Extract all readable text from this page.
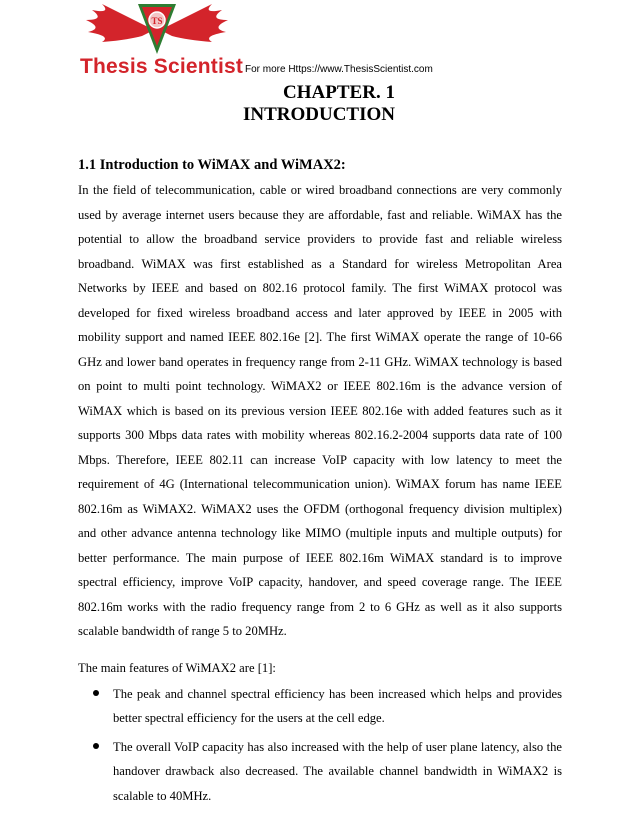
TS
Thesis Scientist For more Https://www.ThesisScientist.com
CHAPTER. 1
INTRODUCTION
1.1 Introduction to WiMAX and WiMAX2:

In the field of telecommunication, cable or wired broadband connections are very commonly used by average internet users because they are affordable, fast and reliable. WiMAX has the potential to allow the broadband service providers to provide fast and reliable wireless broadband. WiMAX was first established as a Standard for wireless Metropolitan Area Networks by IEEE and based on 802.16 protocol family. The first WiMAX protocol was developed for fixed wireless broadband access and later approved by IEEE in 2005 with mobility support and named IEEE 802.16e [2]. The first WiMAX operate the range of 10-66 GHz and lower band operates in frequency range from 2-11 GHz. WiMAX technology is based on point to multi point technology. WiMAX2 or IEEE 802.16m is the advance version of WiMAX which is based on its previous version IEEE 802.16e with added features such as it supports 300 Mbps data rates with mobility whereas 802.16.2-2004 supports data rate of 100 Mbps. Therefore, IEEE 802.11 can increase VoIP capacity with low latency to meet the requirement of 4G (International telecommunication union). WiMAX forum has name IEEE 802.16m as WiMAX2. WiMAX2 uses the OFDM (orthogonal frequency division multiplex) and other advance antenna technology like MIMO (multiple inputs and multiple outputs) for better performance. The main purpose of IEEE 802.16m WiMAX standard is to improve spectral efficiency, improve VoIP capacity, handover, and speed coverage range. The IEEE 802.16m works with the radio frequency range from 2 to 6 GHz as well as it also supports scalable bandwidth of range 5 to 20MHz.

The main features of WiMAX2 are [1]:

The peak and channel spectral efficiency has been increased which helps and provides better spectral efficiency for the users at the cell edge.
The overall VoIP capacity has also increased with the help of user plane latency, also the handover drawback also decreased. The available channel bandwidth in WiMAX2 is scalable to 40MHz.
